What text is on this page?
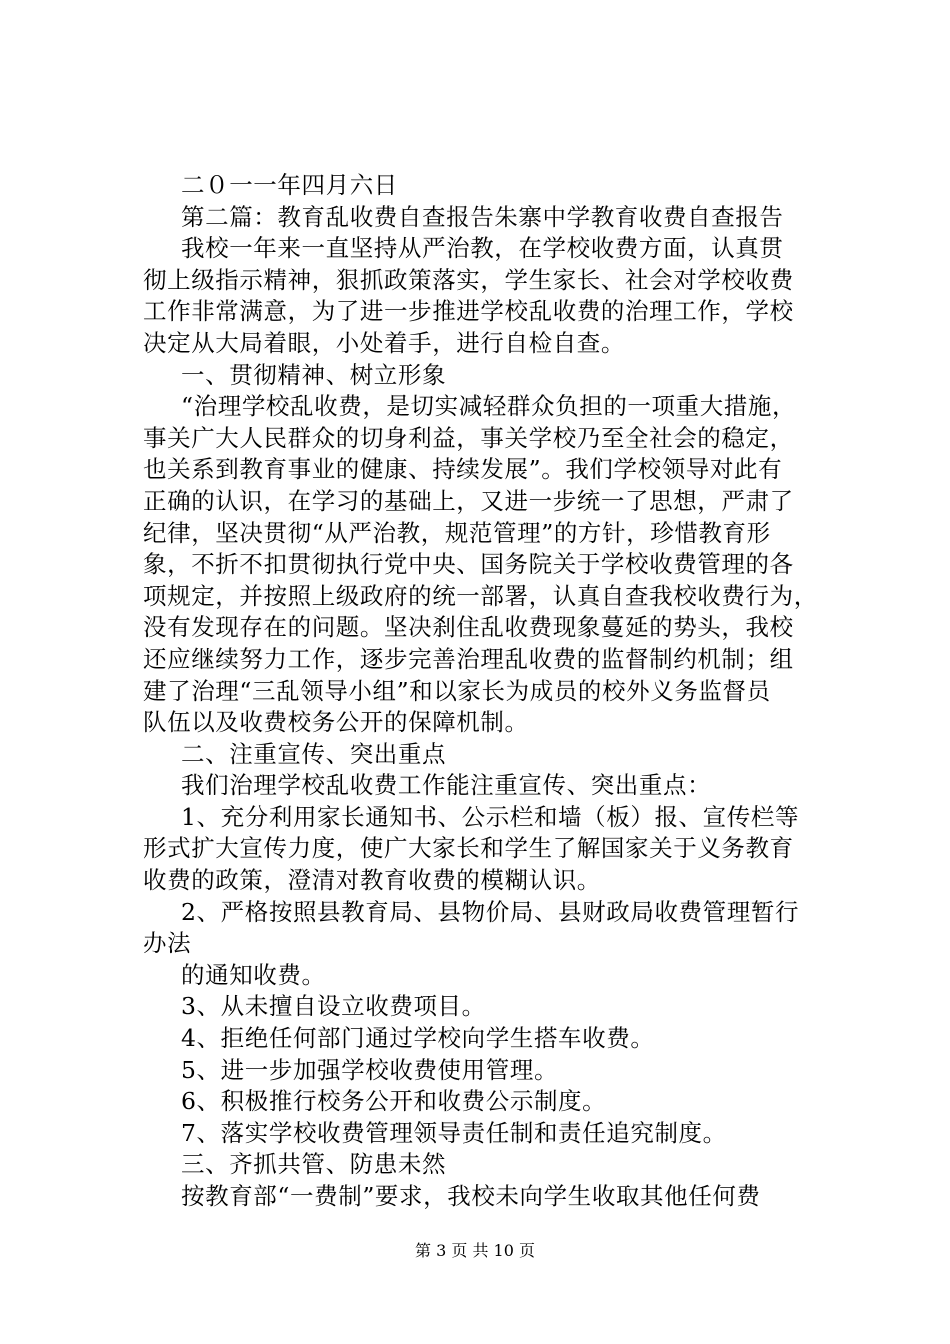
二０一一年四月六日
第二篇：教育乱收费自查报告朱寨中学教育收费自查报告
我校一年来一直坚持从严治教，在学校收费方面，认真贯
彻上级指示精神，狠抓政策落实，学生家长、社会对学校收费
工作非常满意，为了进一步推进学校乱收费的治理工作，学校
决定从大局着眼，小处着手，进行自检自查。
一、贯彻精神、树立形象
“治理学校乱收费，是切实减轻群众负担的一项重大措施，
事关广大人民群众的切身利益，事关学校乃至全社会的稳定，
也关系到教育事业的健康、持续发展”。我们学校领导对此有
正确的认识，在学习的基础上，又进一步统一了思想，严肃了
纪律，坚决贯彻“从严治教，规范管理”的方针，珍惜教育形
象，不折不扣贯彻执行党中央、国务院关于学校收费管理的各
项规定，并按照上级政府的统一部署，认真自查我校收费行为，
没有发现存在的问题。坚决刹住乱收费现象蔓延的势头，我校
还应继续努力工作，逐步完善治理乱收费的监督制约机制；组
建了治理“三乱领导小组”和以家长为成员的校外义务监督员
队伍以及收费校务公开的保障机制。
二、注重宣传、突出重点
我们治理学校乱收费工作能注重宣传、突出重点：
1、充分利用家长通知书、公示栏和墙（板）报、宣传栏等
形式扩大宣传力度，使广大家长和学生了解国家关于义务教育
收费的政策，澄清对教育收费的模糊认识。
2、严格按照县教育局、县物价局、县财政局收费管理暂行
办法
的通知收费。
3、从未擅自设立收费项目。
4、拒绝任何部门通过学校向学生搭车收费。
5、进一步加强学校收费使用管理。
6、积极推行校务公开和收费公示制度。
7、落实学校收费管理领导责任制和责任追究制度。
三、齐抓共管、防患未然
按教育部“一费制”要求，我校未向学生收取其他任何费
第 3 页 共 10 页
